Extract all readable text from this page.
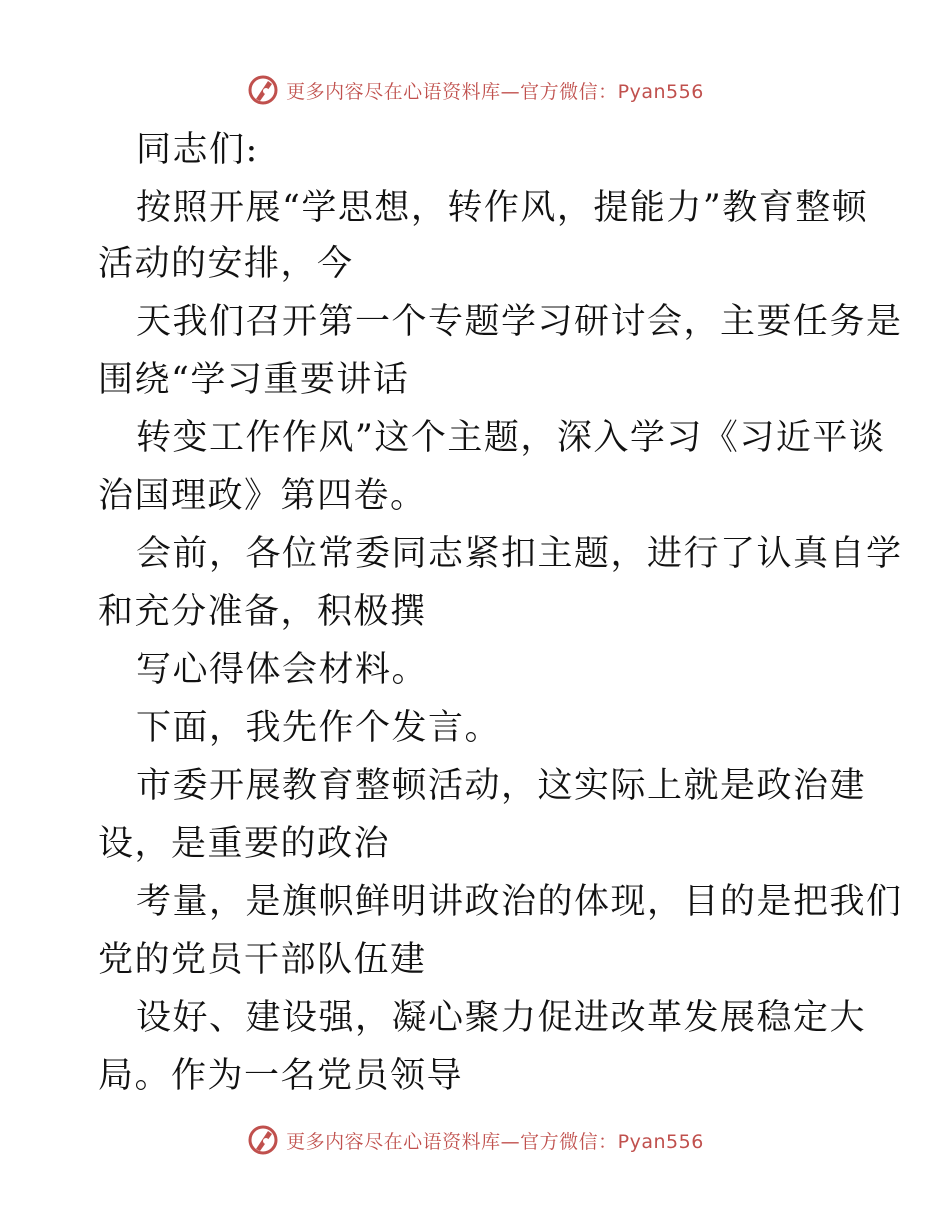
更多内容尽在心语资料库—官方微信：Pyan556
同志们:
按照开展“学思想，转作风，提能力”教育整顿
活动的安排，今
天我们召开第一个专题学习研讨会，主要任务是
围绕“学习重要讲话
转变工作作风”这个主题，深入学习《习近平谈
治国理政》第四卷。
会前，各位常委同志紧扣主题，进行了认真自学
和充分准备，积极撰
写心得体会材料。
下面，我先作个发言。
市委开展教育整顿活动，这实际上就是政治建
设，是重要的政治
考量，是旗帜鲜明讲政治的体现，目的是把我们
党的党员干部队伍建
设好、建设强，凝心聚力促进改革发展稳定大
局。作为一名党员领导
更多内容尽在心语资料库—官方微信：Pyan556
